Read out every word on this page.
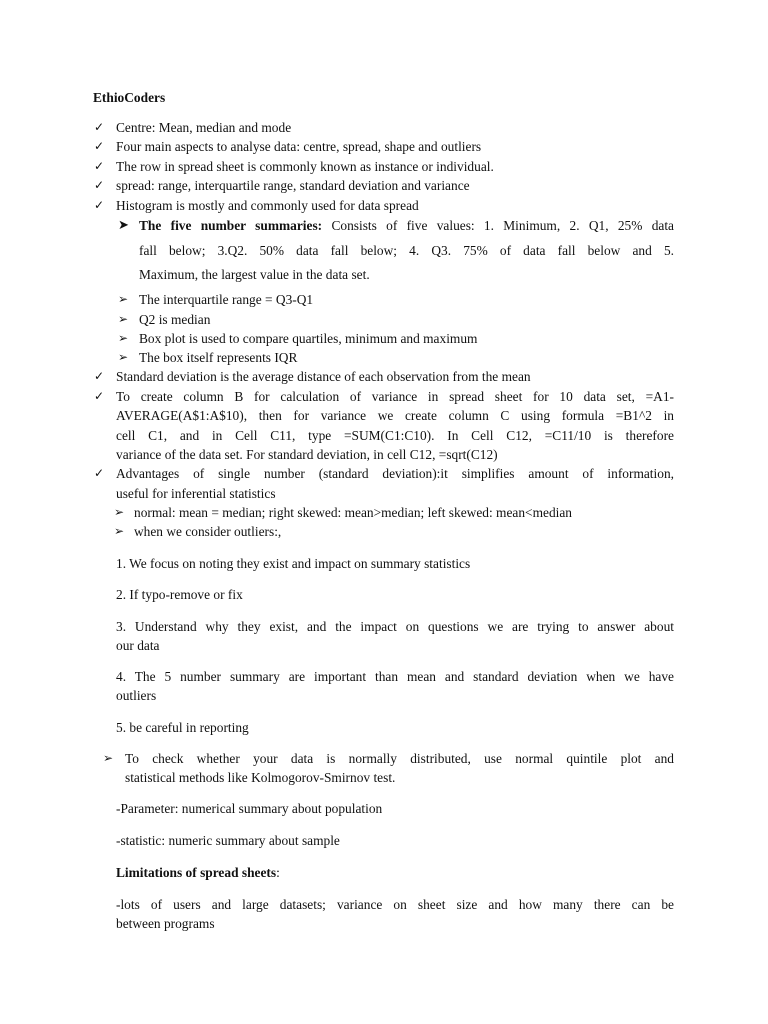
EthioCoders
✓ Centre: Mean, median and mode
✓ Four main aspects to analyse data: centre, spread, shape and outliers
✓ The row in spread sheet is commonly known as instance or individual.
✓ spread: range, interquartile range, standard deviation and variance
✓ Histogram is mostly and commonly used for data spread
➤ The five number summaries: Consists of five values: 1. Minimum, 2. Q1, 25% data
fall below; 3.Q2. 50% data fall below; 4. Q3. 75% of data fall below and 5.
Maximum, the largest value in the data set.
➢ The interquartile range = Q3-Q1
➢ Q2 is median
➢ Box plot is used to compare quartiles, minimum and maximum
➢ The box itself represents IQR
✓ Standard deviation is the average distance of each observation from the mean
✓ To create column B for calculation of variance in spread sheet for 10 data set, =A1-
AVERAGE(A$1:A$10), then for variance we create column C using formula =B1^2 in
cell C1, and in Cell C11, type =SUM(C1:C10). In Cell C12, =C11/10 is therefore
variance of the data set. For standard deviation, in cell C12, =sqrt(C12)
✓ Advantages of single number (standard deviation):it simplifies amount of information,
useful for inferential statistics
➢ normal: mean = median; right skewed: mean>median; left skewed: mean<median
➢ when we consider outliers:,
1. We focus on noting they exist and impact on summary statistics
2. If typo-remove or fix
3. Understand why they exist, and the impact on questions we are trying to answer about
our data
4. The 5 number summary are important than mean and standard deviation when we have
outliers
5. be careful in reporting
➢ To check whether your data is normally distributed, use normal quintile plot and
statistical methods like Kolmogorov-Smirnov test.
-Parameter: numerical summary about population
-statistic: numeric summary about sample
Limitations of spread sheets:
-lots of users and large datasets; variance on sheet size and how many there can be
between programs
